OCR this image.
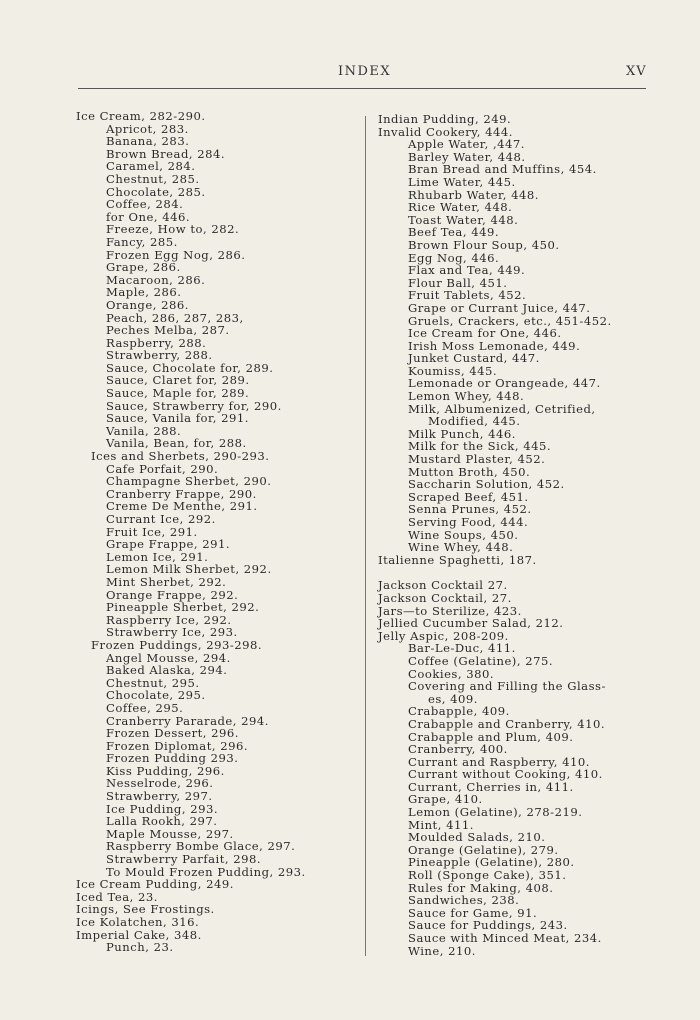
INDEX	XV
Ice Cream, 282-290.
Apricot, 283.
Banana, 283.
Brown Bread, 284.
Caramel, 284.
Chestnut, 285.
Chocolate, 285.
Coffee, 284.
for One, 446.
Freeze, How to, 282.
Fancy, 285.
Frozen Egg Nog, 286.
Grape, 286.
Macaroon, 286.
Maple, 286.
Orange, 286.
Peach, 286, 287, 283,
Peches Melba, 287.
Raspberry, 288.
Strawberry, 288.
Sauce, Chocolate for, 289.
Sauce, Claret for, 289.
Sauce, Maple for, 289.
Sauce, Strawberry for, 290.
Sauce, Vanila for, 291.
Vanila, 288.
Vanila, Bean, for, 288.
Ices and Sherbets, 290-293.
Cafe Porfait, 290.
Champagne Sherbet, 290.
Cranberry Frappe, 290.
Creme De Menthe, 291.
Currant Ice, 292.
Fruit Ice, 291.
Grape Frappe, 291.
Lemon Ice, 291.
Lemon Milk Sherbet, 292.
Mint Sherbet, 292.
Orange Frappe, 292.
Pineapple Sherbet, 292.
Raspberry Ice, 292.
Strawberry Ice, 293.
Frozen Puddings, 293-298.
Angel Mousse, 294.
Baked Alaska, 294.
Chestnut, 295.
Chocolate, 295.
Coffee, 295.
Cranberry Pararade, 294.
Frozen Dessert, 296.
Frozen Diplomat, 296.
Frozen Pudding 293.
Kiss Pudding, 296.
Nesselrode, 296.
Strawberry, 297.
Ice Pudding, 293.
Lalla Rookh, 297.
Maple Mousse, 297.
Raspberry Bombe Glace, 297.
Strawberry Parfait, 298.
To Mould Frozen Pudding, 293.
Ice Cream Pudding, 249.
Iced Tea, 23.
Icings, See Frostings.
Ice Kolatchen, 316.
Imperial Cake, 348.
Punch, 23.
Indian Pudding, 249.
Invalid Cookery, 444.
Apple Water, ,447.
Barley Water, 448.
Bran Bread and Muffins, 454.
Lime Water, 445.
Rhubarb Water, 448.
Rice Water, 448.
Toast Water, 448.
Beef Tea, 449.
Brown Flour Soup, 450.
Egg Nog, 446.
Flax and Tea, 449.
Flour Ball, 451.
Fruit Tablets, 452.
Grape or Currant Juice, 447.
Gruels, Crackers, etc., 451-452.
Ice Cream for One, 446.
Irish Moss Lemonade, 449.
Junket Custard, 447.
Koumiss, 445.
Lemonade or Orangeade, 447.
Lemon Whey, 448.
Milk, Albumenized, Cetrified,
Modified, 445.
Milk Punch, 446.
Milk for the Sick, 445.
Mustard Plaster, 452.
Mutton Broth, 450.
Saccharin Solution, 452.
Scraped Beef, 451.
Senna Prunes, 452.
Serving Food, 444.
Wine Soups, 450.
Wine Whey, 448.
Italienne Spaghetti, 187.
Jackson Cocktail 27.
Jackson Cocktail, 27.
Jars—to Sterilize, 423.
Jellied Cucumber Salad, 212.
Jelly Aspic, 208-209.
Bar-Le-Duc, 411.
Coffee (Gelatine), 275.
Cookies, 380.
Covering and Filling the Glass-
es, 409.
Crabapple, 409.
Crabapple and Cranberry, 410.
Crabapple and Plum, 409.
Cranberry, 400.
Currant and Raspberry, 410.
Currant without Cooking, 410.
Currant, Cherries in, 411.
Grape, 410.
Lemon (Gelatine), 278-219.
Mint, 411.
Moulded Salads, 210.
Orange (Gelatine), 279.
Pineapple (Gelatine), 280.
Roll (Sponge Cake), 351.
Rules for Making, 408.
Sandwiches, 238.
Sauce for Game, 91.
Sauce for Puddings, 243.
Sauce with Minced Meat, 234.
Wine, 210.
